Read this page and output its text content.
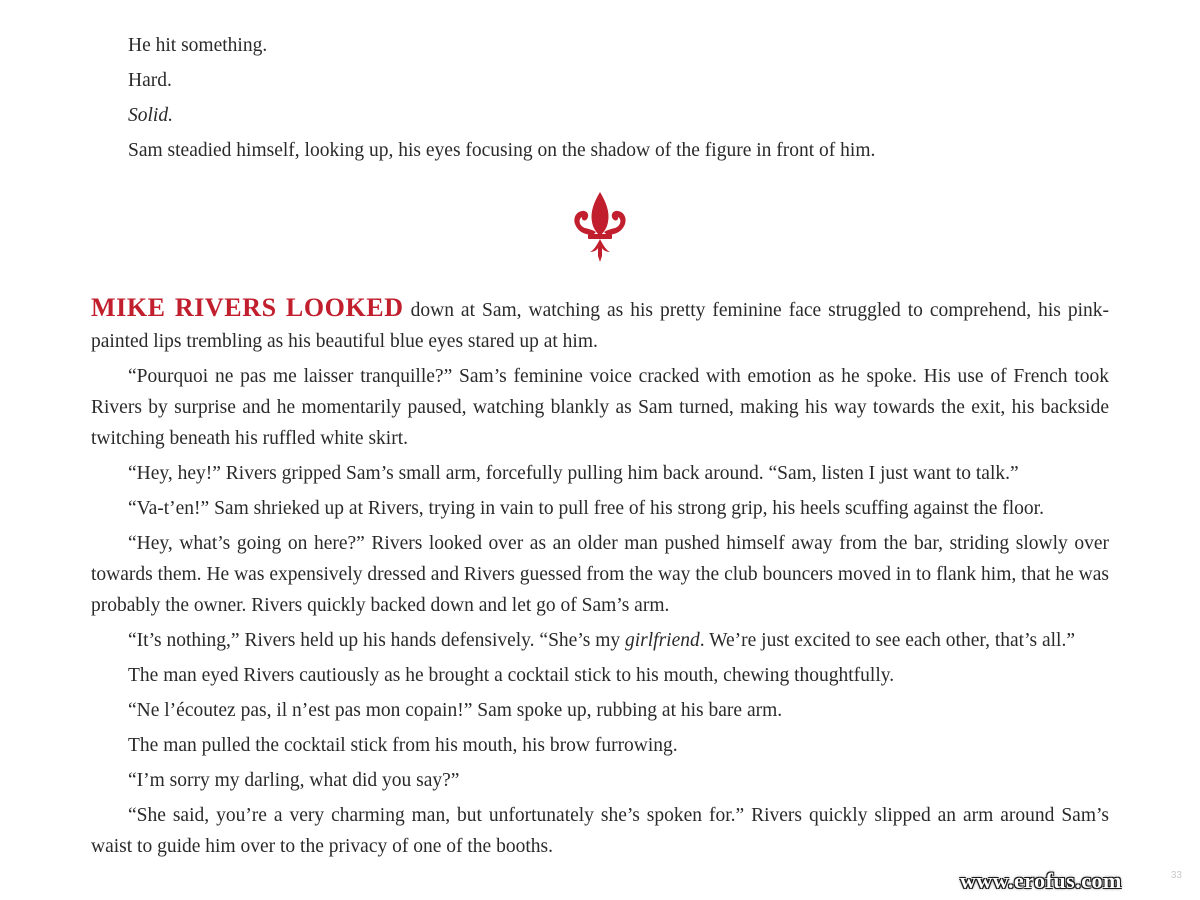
He hit something.
Hard.
Solid.
Sam steadied himself, looking up, his eyes focusing on the shadow of the figure in front of him.

MIKE RIVERS LOOKED down at Sam, watching as his pretty feminine face struggled to comprehend, his pink-painted lips trembling as his beautiful blue eyes stared up at him.

“Pourquoi ne pas me laisser tranquille?” Sam’s feminine voice cracked with emotion as he spoke. His use of French took Rivers by surprise and he momentarily paused, watching blankly as Sam turned, making his way towards the exit, his backside twitching beneath his ruffled white skirt.

“Hey, hey!” Rivers gripped Sam’s small arm, forcefully pulling him back around. “Sam, listen I just want to talk.”

“Va-t’en!” Sam shrieked up at Rivers, trying in vain to pull free of his strong grip, his heels scuffing against the floor.

“Hey, what’s going on here?” Rivers looked over as an older man pushed himself away from the bar, striding slowly over towards them. He was expensively dressed and Rivers guessed from the way the club bouncers moved in to flank him, that he was probably the owner. Rivers quickly backed down and let go of Sam’s arm.

“It’s nothing,” Rivers held up his hands defensively. “She’s my girlfriend. We’re just excited to see each other, that’s all.”

The man eyed Rivers cautiously as he brought a cocktail stick to his mouth, chewing thoughtfully.

“Ne l’écoutez pas, il n’est pas mon copain!” Sam spoke up, rubbing at his bare arm.

The man pulled the cocktail stick from his mouth, his brow furrowing.

“I’m sorry my darling, what did you say?”

“She said, you’re a very charming man, but unfortunately she’s spoken for.” Rivers quickly slipped an arm around Sam’s waist to guide him over to the privacy of one of the booths.

33
www.erofus.com
